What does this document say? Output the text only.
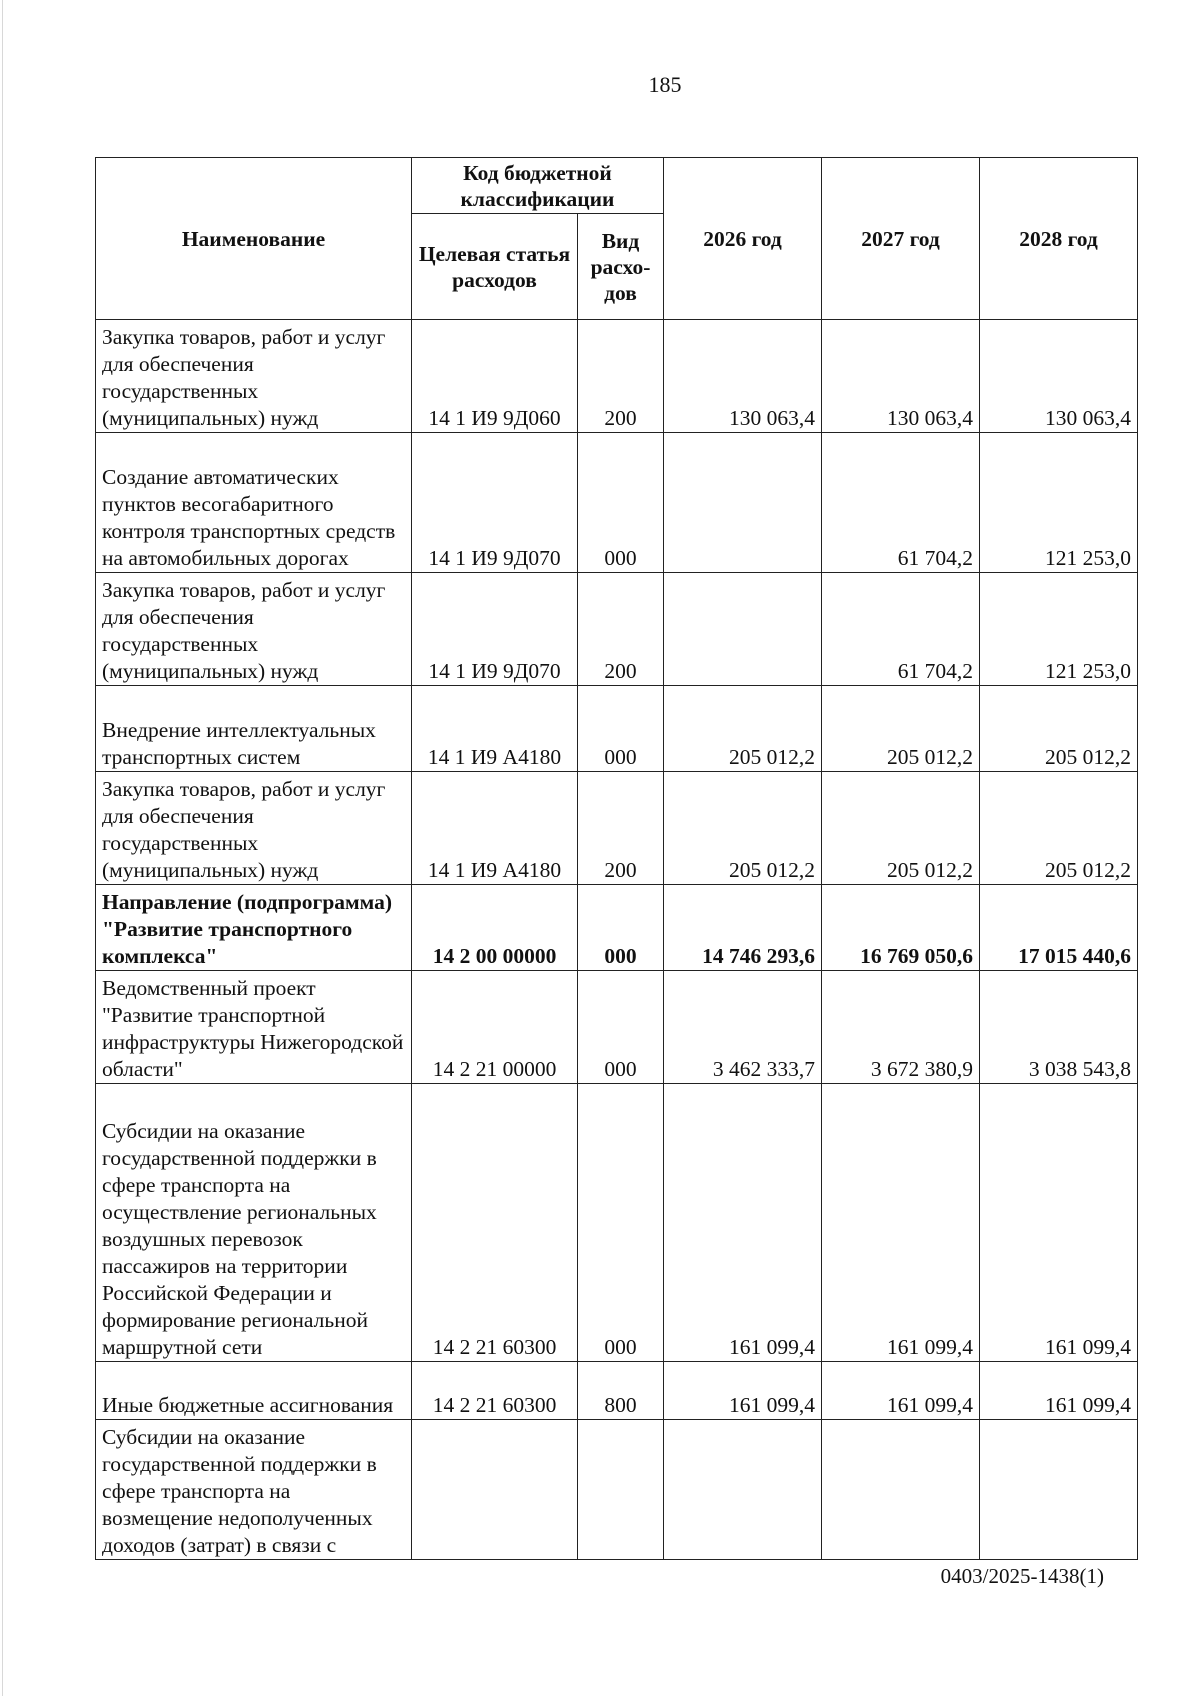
185
Наименование	Код бюджетной классификации		2026 год	2027 год	2028 год
	Целевая статья расходов	Вид расхо-дов			
Закупка товаров, работ и услуг для обеспечения государственных (муниципальных) нужд	14 1 И9 9Д060	200	130 063,4	130 063,4	130 063,4
Создание автоматических пунктов весогабаритного контроля транспортных средств на автомобильных дорогах	14 1 И9 9Д070	000		61 704,2	121 253,0
Закупка товаров, работ и услуг для обеспечения государственных (муниципальных) нужд	14 1 И9 9Д070	200		61 704,2	121 253,0
Внедрение интеллектуальных транспортных систем	14 1 И9 А4180	000	205 012,2	205 012,2	205 012,2
Закупка товаров, работ и услуг для обеспечения государственных (муниципальных) нужд	14 1 И9 А4180	200	205 012,2	205 012,2	205 012,2
Направление (подпрограмма) "Развитие транспортного комплекса"	14 2 00 00000	000	14 746 293,6	16 769 050,6	17 015 440,6
Ведомственный проект "Развитие транспортной инфраструктуры Нижегородской области"	14 2 21 00000	000	3 462 333,7	3 672 380,9	3 038 543,8
Субсидии на оказание государственной поддержки в сфере транспорта на осуществление региональных воздушных перевозок пассажиров на территории Российской Федерации и формирование региональной маршрутной сети	14 2 21 60300	000	161 099,4	161 099,4	161 099,4
Иные бюджетные ассигнования	14 2 21 60300	800	161 099,4	161 099,4	161 099,4
Субсидии на оказание государственной поддержки в сфере транспорта на возмещение недополученных доходов (затрат) в связи с					
0403/2025-1438(1)
